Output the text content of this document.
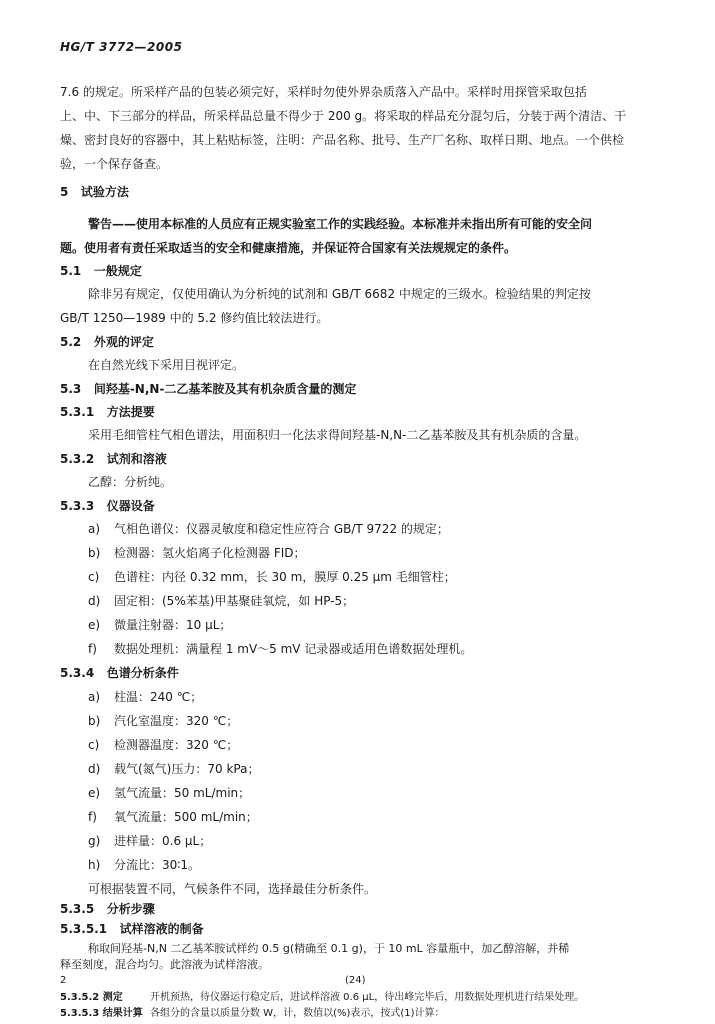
HG/T 3772—2005
7.6 的规定。所采样产品的包装必须完好，采样时勿使外界杂质落入产品中。采样时用探管采取包括
上、中、下三部分的样品，所采样品总量不得少于 200 g。将采取的样品充分混匀后，分装于两个清洁、干
燥、密封良好的容器中，其上粘贴标签，注明：产品名称、批号、生产厂名称、取样日期、地点。一个供检
验，一个保存备查。
5 试验方法
警告——使用本标准的人员应有正规实验室工作的实践经验。本标准并未指出所有可能的安全问
题。使用者有责任采取适当的安全和健康措施，并保证符合国家有关法规规定的条件。
5.1 一般规定
除非另有规定，仅使用确认为分析纯的试剂和 GB/T 6682 中规定的三级水。检验结果的判定按
GB/T 1250—1989 中的 5.2 修约值比较法进行。
5.2 外观的评定
在自然光线下采用目视评定。
5.3 间羟基-N,N-二乙基苯胺及其有机杂质含量的测定
5.3.1 方法提要
采用毛细管柱气相色谱法，用面积归一化法求得间羟基-N,N-二乙基苯胺及其有机杂质的含量。
5.3.2 试剂和溶液
乙醇：分析纯。
5.3.3 仪器设备
a) 气相色谱仪：仪器灵敏度和稳定性应符合 GB/T 9722 的规定；
b) 检测器：氢火焰离子化检测器 FID；
c) 色谱柱：内径 0.32 mm，长 30 m，膜厚 0.25 μm 毛细管柱；
d) 固定相：(5%苯基)甲基聚硅氧烷，如 HP-5；
e) 微量注射器：10 μL；
f) 数据处理机：满量程 1 mV～5 mV 记录器或适用色谱数据处理机。
5.3.4 色谱分析条件
a) 柱温：240 ℃；
b) 汽化室温度：320 ℃；
c) 检测器温度：320 ℃；
d) 载气(氮气)压力：70 kPa；
e) 氢气流量：50 mL/min；
f) 氧气流量：500 mL/min；
g) 进样量：0.6 μL；
h) 分流比：30∶1。
可根据装置不同，气候条件不同，选择最佳分析条件。
5.3.5 分析步骤
5.3.5.1 试样溶液的制备
称取间羟基-N,N 二乙基苯胺试样约 0.5 g(精确至 0.1 g)，于 10 mL 容量瓶中，加乙醇溶解，并稀
释至刻度，混合均匀。此溶液为试样溶液。
2	(24)
5.3.5.2 测定	开机预热，待仪器运行稳定后，进试样溶液 0.6 μL，待出峰完毕后，用数据处理机进行结果处理。
5.3.5.3 结果计算 各组分的含量以质量分数 W，计，数值以(%)表示，按式(1)计算：
